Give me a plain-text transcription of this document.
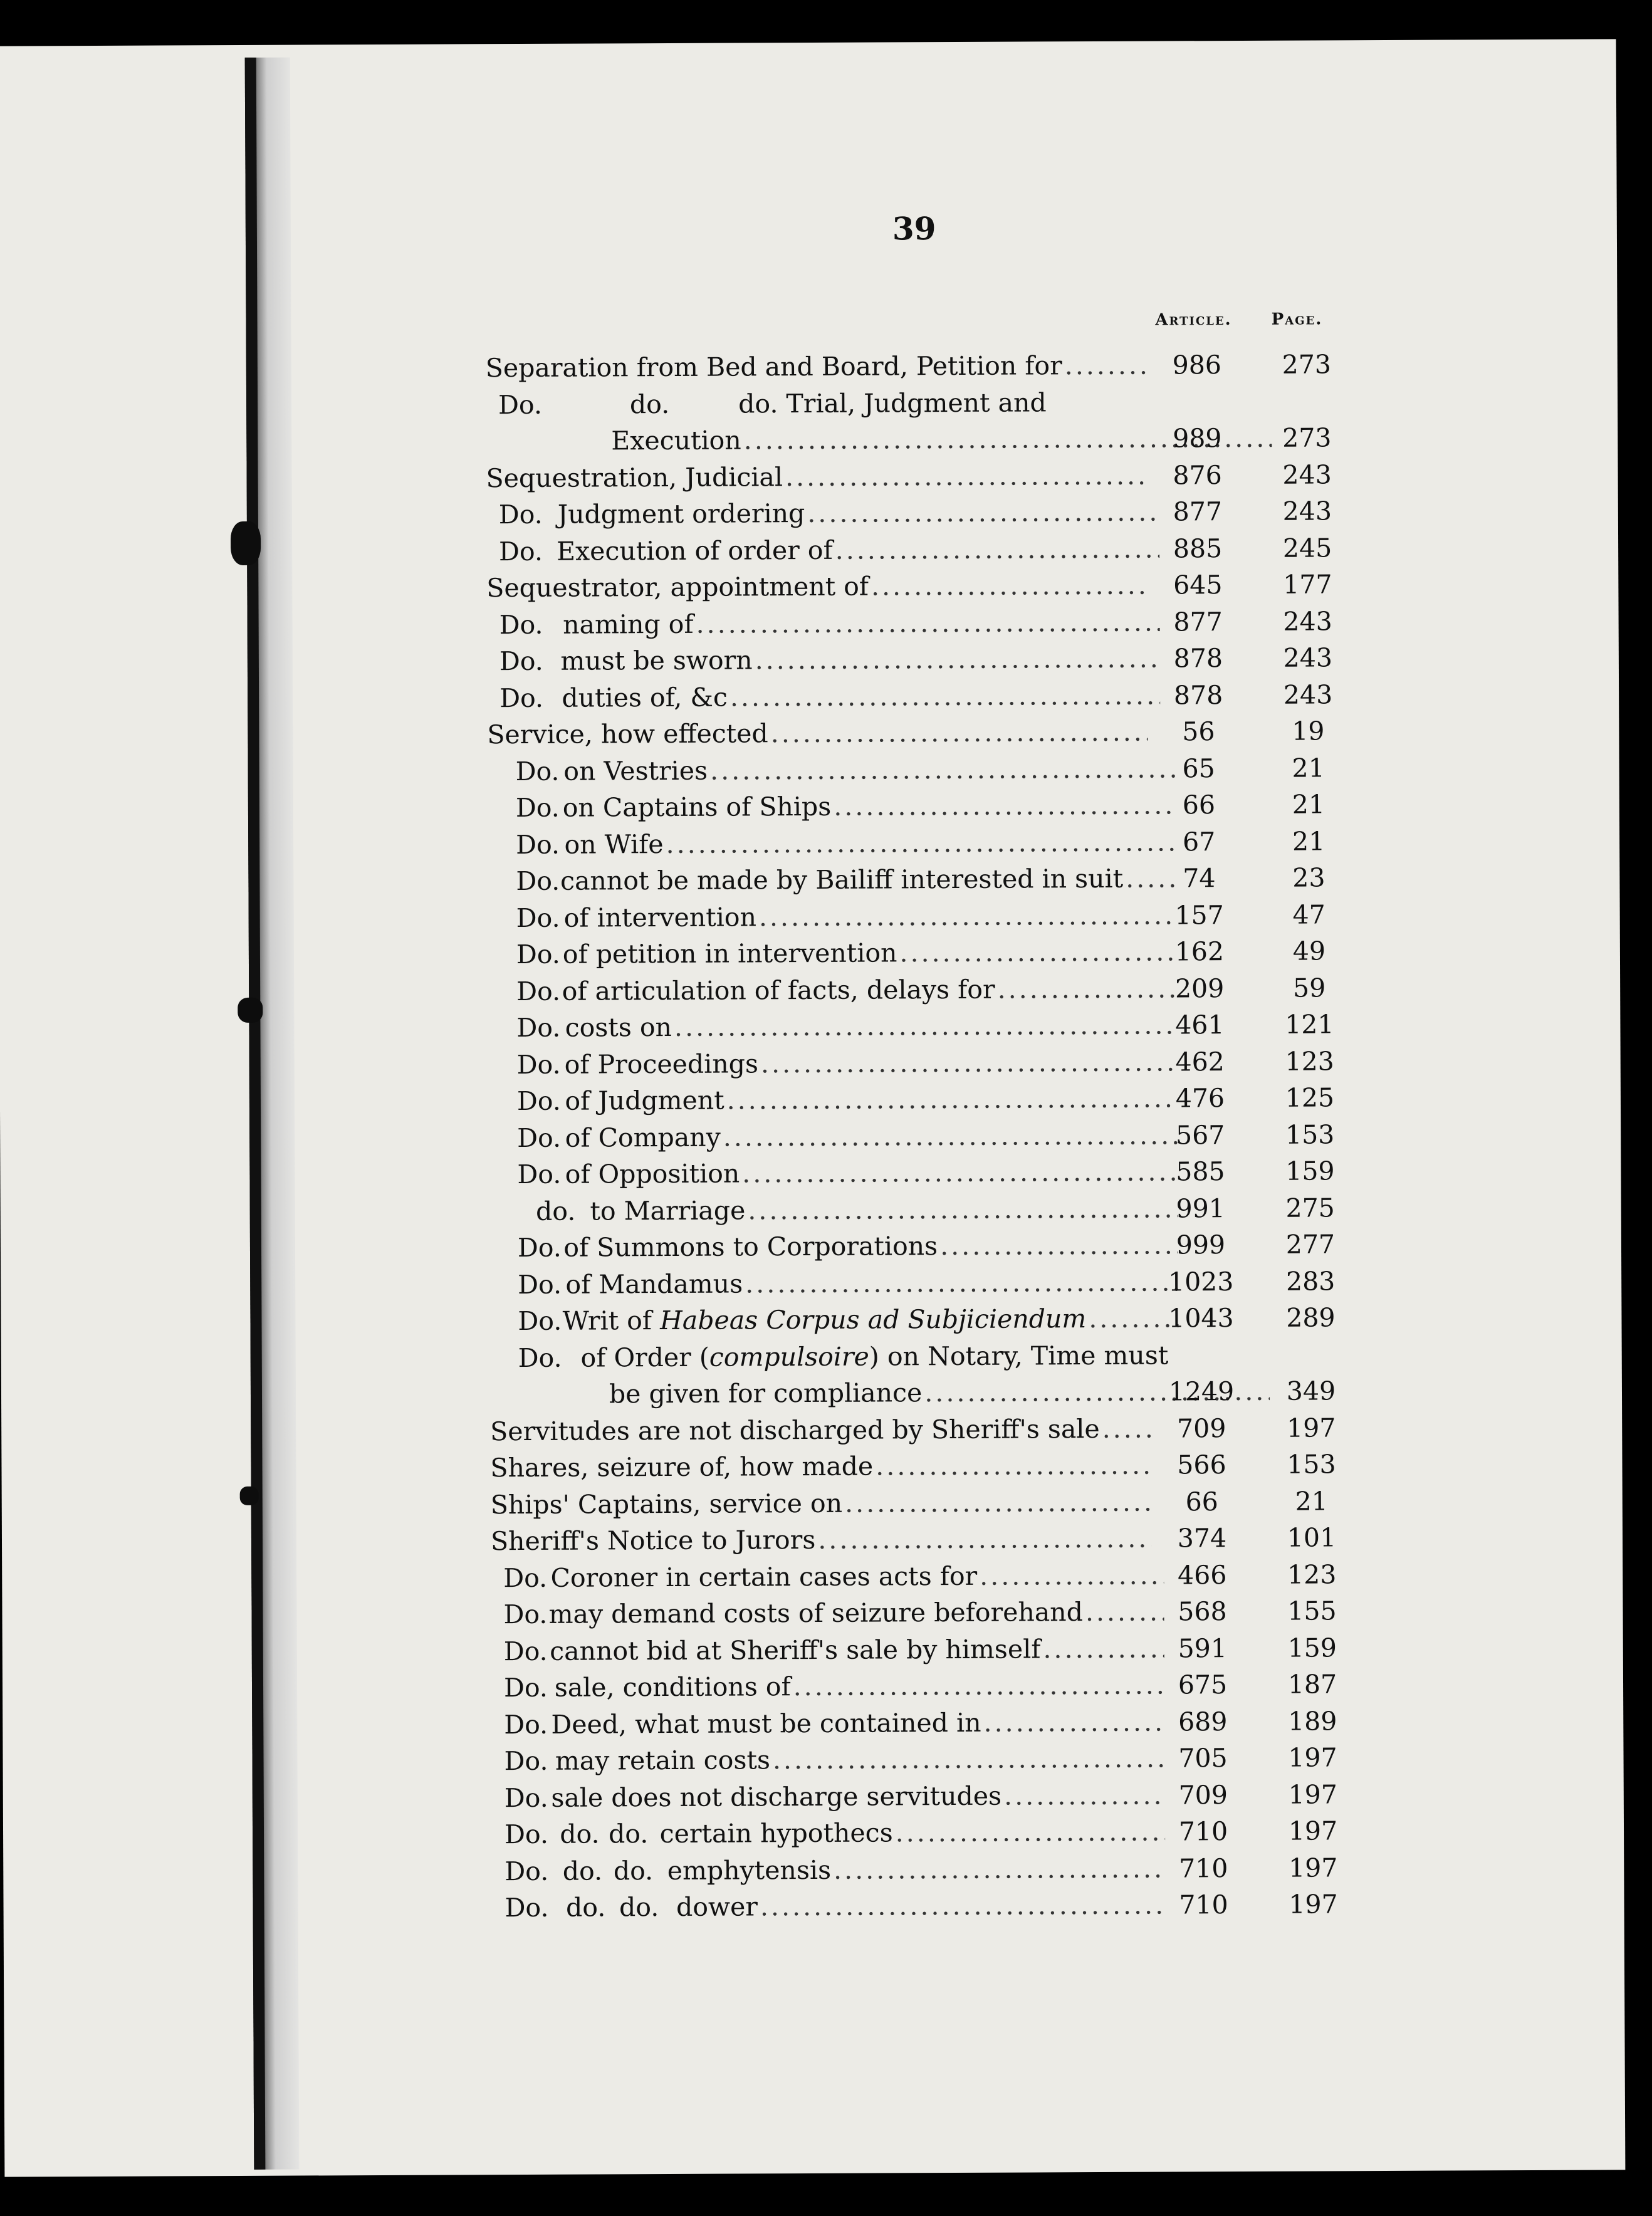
39
Article.	Page.
Separation from Bed and Board, Petition for .....	986	273
Do.	do.	do. Trial, Judgment and
Execution .....	989	273
Sequestration, Judicial .....	876	243
Do. Judgment ordering .....	877	243
Do. Execution of order of .....	885	245
Sequestrator, appointment of .....	645	177
Do. naming of .....	877	243
Do. must be sworn .....	878	243
Do. duties of, &c .....	878	243
Service, how effected .....	56	19
Do. on Vestries .....	65	21
Do. on Captains of Ships .....	66	21
Do. on Wife .....	67	21
Do. cannot be made by Bailiff interested in suit .....	74	23
Do. of intervention .....	157	47
Do. of petition in intervention .....	162	49
Do. of articulation of facts, delays for .....	209	59
Do. costs on .....	461	121
Do. of Proceedings .....	462	123
Do. of Judgment .....	476	125
Do. of Company .....	567	153
Do. of Opposition .....	585	159
do. to Marriage .....	991	275
Do. of Summons to Corporations .....	999	277
Do. of Mandamus .....	1023	283
Do. Writ of Habeas Corpus ad Subjiciendum .....	1043	289
Do. of Order (compulsoire) on Notary, Time must
be given for compliance .....	1249	349
Servitudes are not discharged by Sheriff's sale .....	709	197
Shares, seizure of, how made .....	566	153
Ships' Captains, service on .....	66	21
Sheriff's Notice to Jurors .....	374	101
Do. Coroner in certain cases acts for .....	466	123
Do. may demand costs of seizure beforehand .....	568	155
Do. cannot bid at Sheriff's sale by himself .....	591	159
Do. sale, conditions of .....	675	187
Do. Deed, what must be contained in .....	689	189
Do. may retain costs .....	705	197
Do. sale does not discharge servitudes .....	709	197
Do. do. do. certain hypothecs .....	710	197
Do. do. do. emphytensis .....	710	197
Do. do. do. dower .....	710	197
